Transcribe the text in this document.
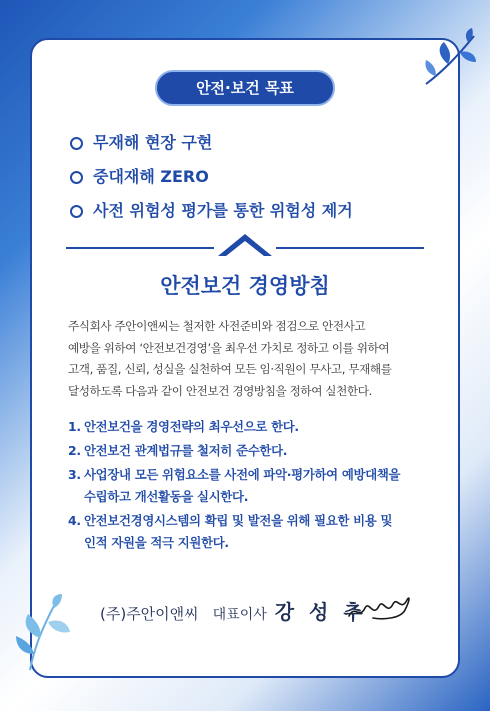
안전·보건 목표
무재해 현장 구현
중대재해 ZERO
사전 위험성 평가를 통한 위험성 제거
안전보건 경영방침
주식회사 주안이앤씨는 철저한 사전준비와 점검으로 안전사고
예방을 위하여 ‘안전보건경영’을 최우선 가치로 정하고 이를 위하여
고객, 품질, 신뢰, 성실을 실천하여 모든 임·직원이 무사고, 무재해를
달성하도록 다음과 같이 안전보건 경영방침을 정하여 실천한다.
1. 안전보건을 경영전략의 최우선으로 한다.
2. 안전보건 관계법규를 철저히 준수한다.
3. 사업장내 모든 위험요소를 사전에 파악·평가하여 예방대책을
수립하고 개선활동을 실시한다.
4. 안전보건경영시스템의 확립 및 발전을 위해 필요한 비용 및
인적 자원을 적극 지원한다.
(주)주안이앤씨 대표이사 강 성 추
